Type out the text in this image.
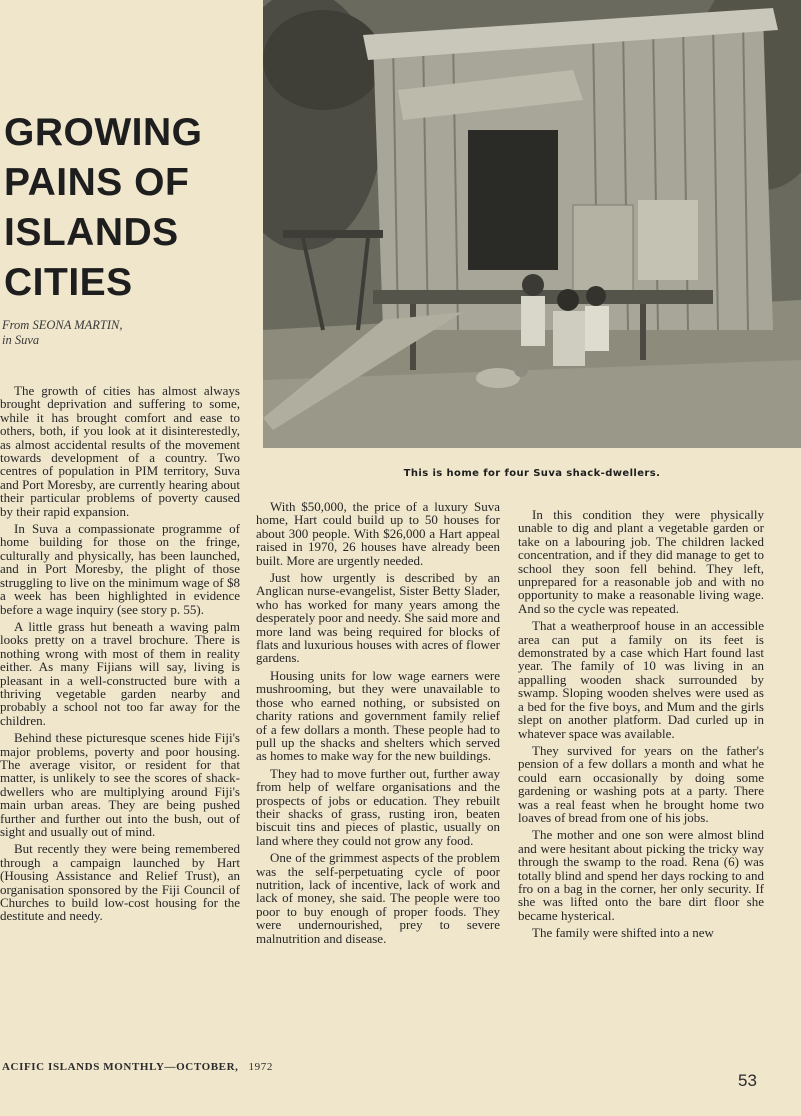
This is home for four Suva shack-dwellers.
GROWING
PAINS OF
ISLANDS
CITIES
From SEONA MARTIN,
in Suva

The growth of cities has almost always brought deprivation and suffering to some, while it has brought comfort and ease to others, both, if you look at it disinterestedly, as almost accidental results of the movement towards development of a country. Two centres of population in PIM territory, Suva and Port Moresby, are currently hearing about their particular problems of poverty caused by their rapid expansion.

In Suva a compassionate programme of home building for those on the fringe, culturally and physically, has been launched, and in Port Moresby, the plight of those struggling to live on the minimum wage of $8 a week has been highlighted in evidence before a wage inquiry (see story p. 55).

A little grass hut beneath a waving palm looks pretty on a travel brochure. There is nothing wrong with most of them in reality either. As many Fijians will say, living is pleasant in a well-constructed bure with a thriving vegetable garden nearby and probably a school not too far away for the children.

Behind these picturesque scenes hide Fiji's major problems, poverty and poor housing. The average visitor, or resident for that matter, is unlikely to see the scores of shack-dwellers who are multiplying around Fiji's main urban areas. They are being pushed further and further out into the bush, out of sight and usually out of mind.

But recently they were being remembered through a campaign launched by Hart (Housing Assistance and Relief Trust), an organisation sponsored by the Fiji Council of Churches to build low-cost housing for the destitute and needy.

With $50,000, the price of a luxury Suva home, Hart could build up to 50 houses for about 300 people. With $26,000 a Hart appeal raised in 1970, 26 houses have already been built. More are urgently needed.

Just how urgently is described by an Anglican nurse-evangelist, Sister Betty Slader, who has worked for many years among the desperately poor and needy. She said more and more land was being required for blocks of flats and luxurious houses with acres of flower gardens.

Housing units for low wage earners were mushrooming, but they were unavailable to those who earned nothing, or subsisted on charity rations and government family relief of a few dollars a month. These people had to pull up the shacks and shelters which served as homes to make way for the new buildings.

They had to move further out, further away from help of welfare organisations and the prospects of jobs or education. They rebuilt their shacks of grass, rusting iron, beaten biscuit tins and pieces of plastic, usually on land where they could not grow any food.

One of the grimmest aspects of the problem was the self-perpetuating cycle of poor nutrition, lack of incentive, lack of work and lack of money, she said. The people were too poor to buy enough of proper foods. They were undernourished, prey to severe malnutrition and disease.

In this condition they were physically unable to dig and plant a vegetable garden or take on a labouring job. The children lacked concentration, and if they did manage to get to school they soon fell behind. They left, unprepared for a reasonable job and with no opportunity to make a reasonable living wage. And so the cycle was repeated.

That a weatherproof house in an accessible area can put a family on its feet is demonstrated by a case which Hart found last year. The family of 10 was living in an appalling wooden shack surrounded by swamp. Sloping wooden shelves were used as a bed for the five boys, and Mum and the girls slept on another platform. Dad curled up in whatever space was available.

They survived for years on the father's pension of a few dollars a month and what he could earn occasionally by doing some gardening or washing pots at a party. There was a real feast when he brought home two loaves of bread from one of his jobs.

The mother and one son were almost blind and were hesitant about picking the tricky way through the swamp to the road. Rena (6) was totally blind and spend her days rocking to and fro on a bag in the corner, her only security. If she was lifted onto the bare dirt floor she became hysterical.

The family were shifted into a new

ACIFIC ISLANDS MONTHLY—OCTOBER, 1972
53
